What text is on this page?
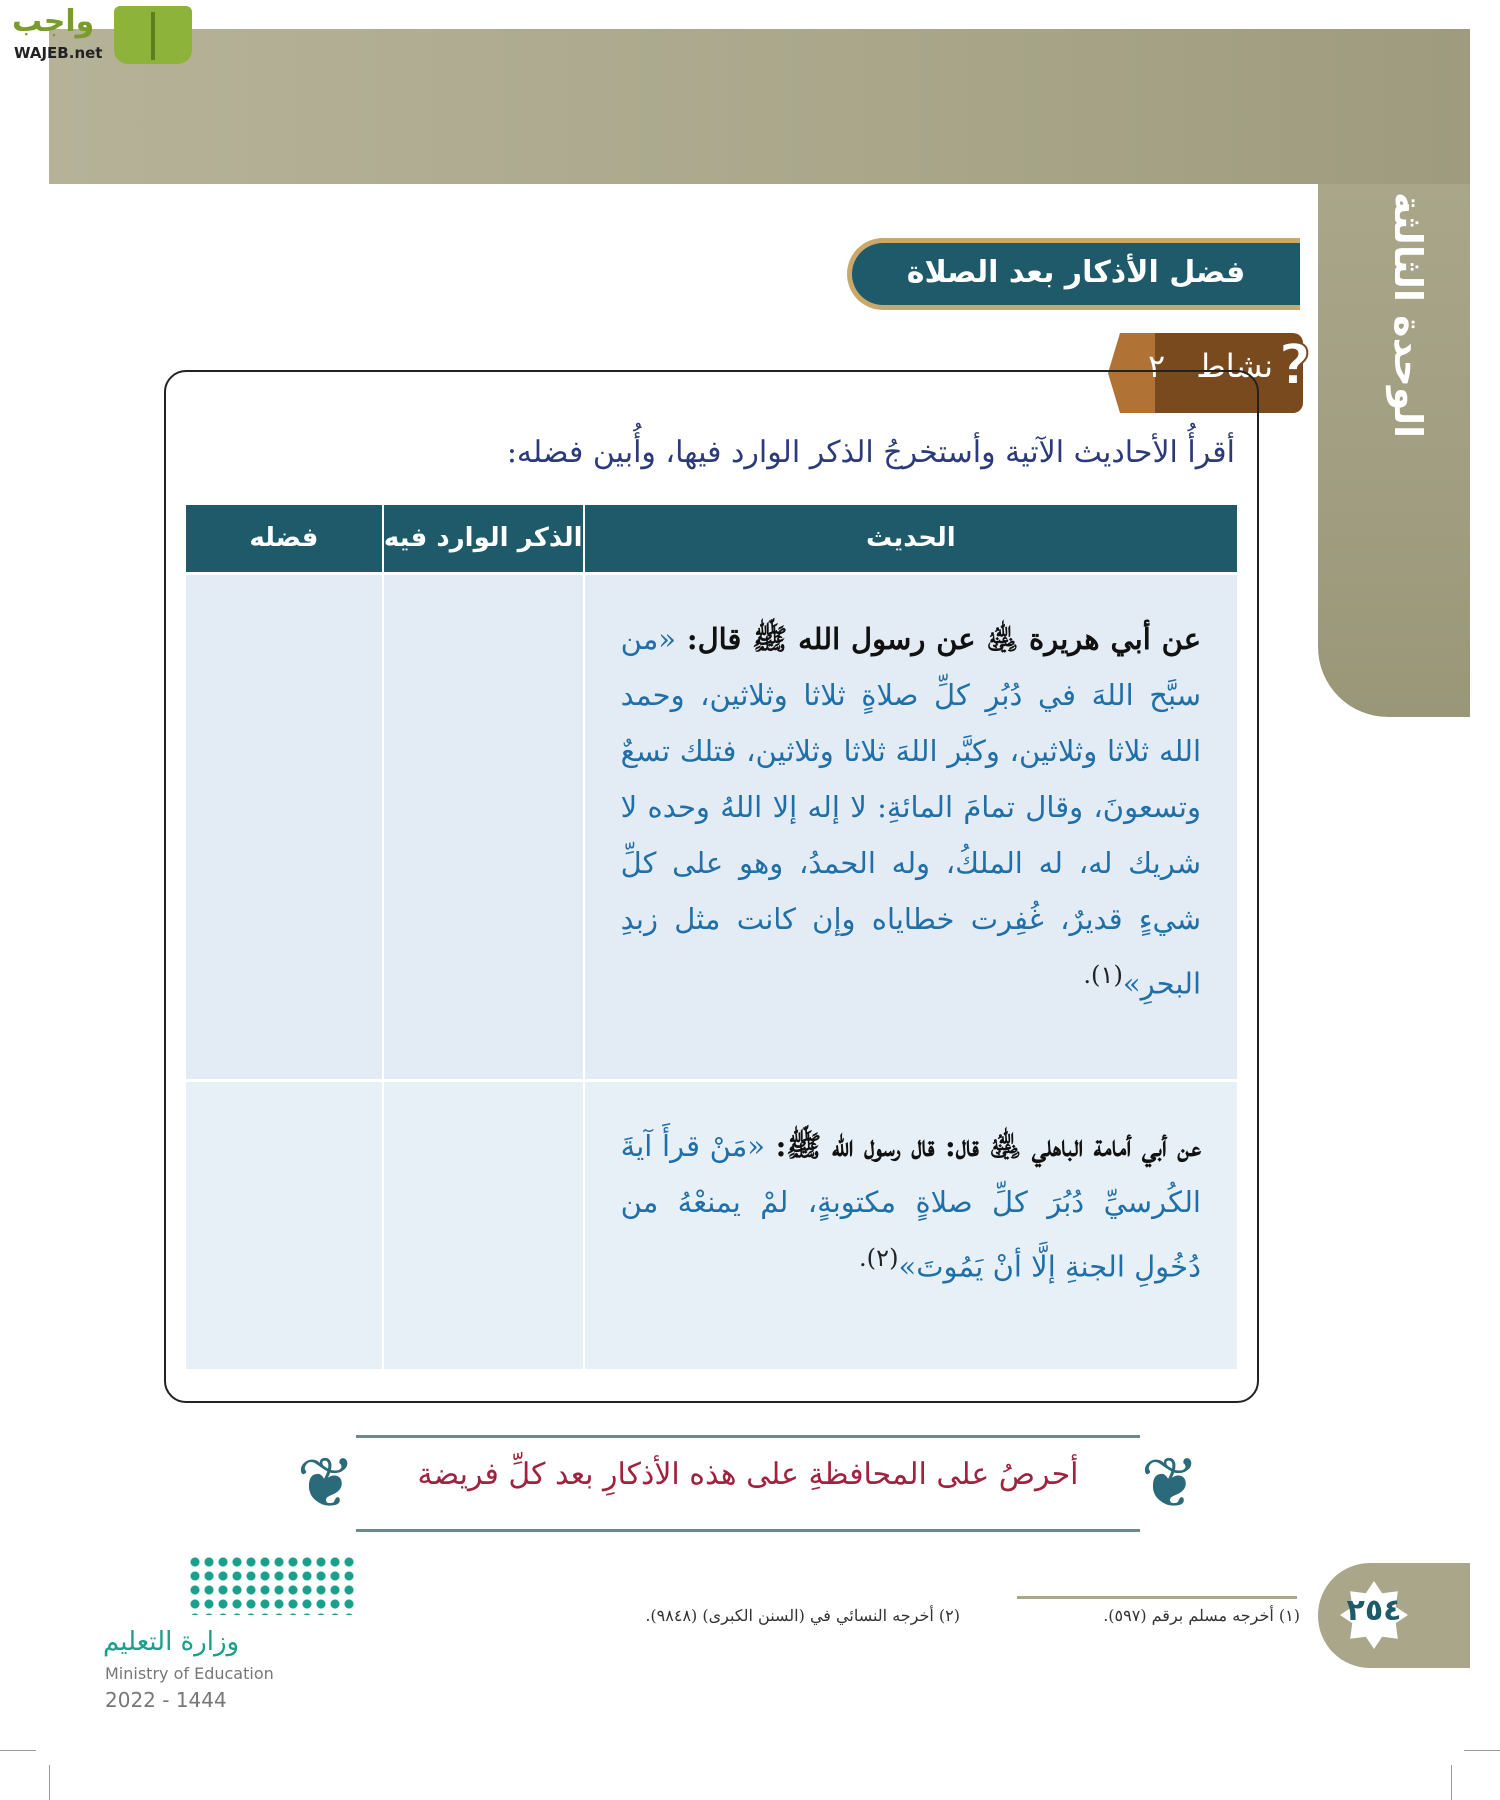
الوحدة الثالثة
واجب
WAJEB.net
فضل الأذكار بعد الصلاة
نشاط
٢ ?
أقرأُ الأحاديث الآتية وأستخرجُ الذكر الوارد فيها، وأُبين فضله:
الحديث	الذكر الوارد فيه	فضله
عن أبي هريرة ﵁ عن رسول الله ﷺ قال: «من سبَّح اللهَ في دُبُرِ كلِّ صلاةٍ ثلاثا وثلاثين، وحمد الله ثلاثا وثلاثين، وكبَّر اللهَ ثلاثا وثلاثين، فتلك تسعٌ وتسعونَ، وقال تمامَ المائةِ: لا إله إلا اللهُ وحده لا شريك له، له الملكُ، وله الحمدُ، وهو على كلِّ شيءٍ قديرٌ، غُفِرت خطاياه وإن كانت مثل زبدِ البحرِ»$^{(١).}$		
عن أبي أمامة الباهلي ﵁ قال: قال رسول الله ﷺ: «مَنْ قرأَ آيةَ الكُرسيِّ دُبُرَ كلِّ صلاةٍ مكتوبةٍ، لمْ يمنعْهُ من دُخُولِ الجنةِ إلَّا أنْ يَمُوتَ»$^{(٢).}$		
❦	❦
أحرصُ على المحافظةِ على هذه الأذكارِ بعد كلِّ فريضة
(١) أخرجه مسلم برقم (٥٩٧).
(٢) أخرجه النسائي في (السنن الكبرى) (٩٨٤٨).	٢٥٤
وزارة التعليم
Ministry of Education
2022 - 1444
